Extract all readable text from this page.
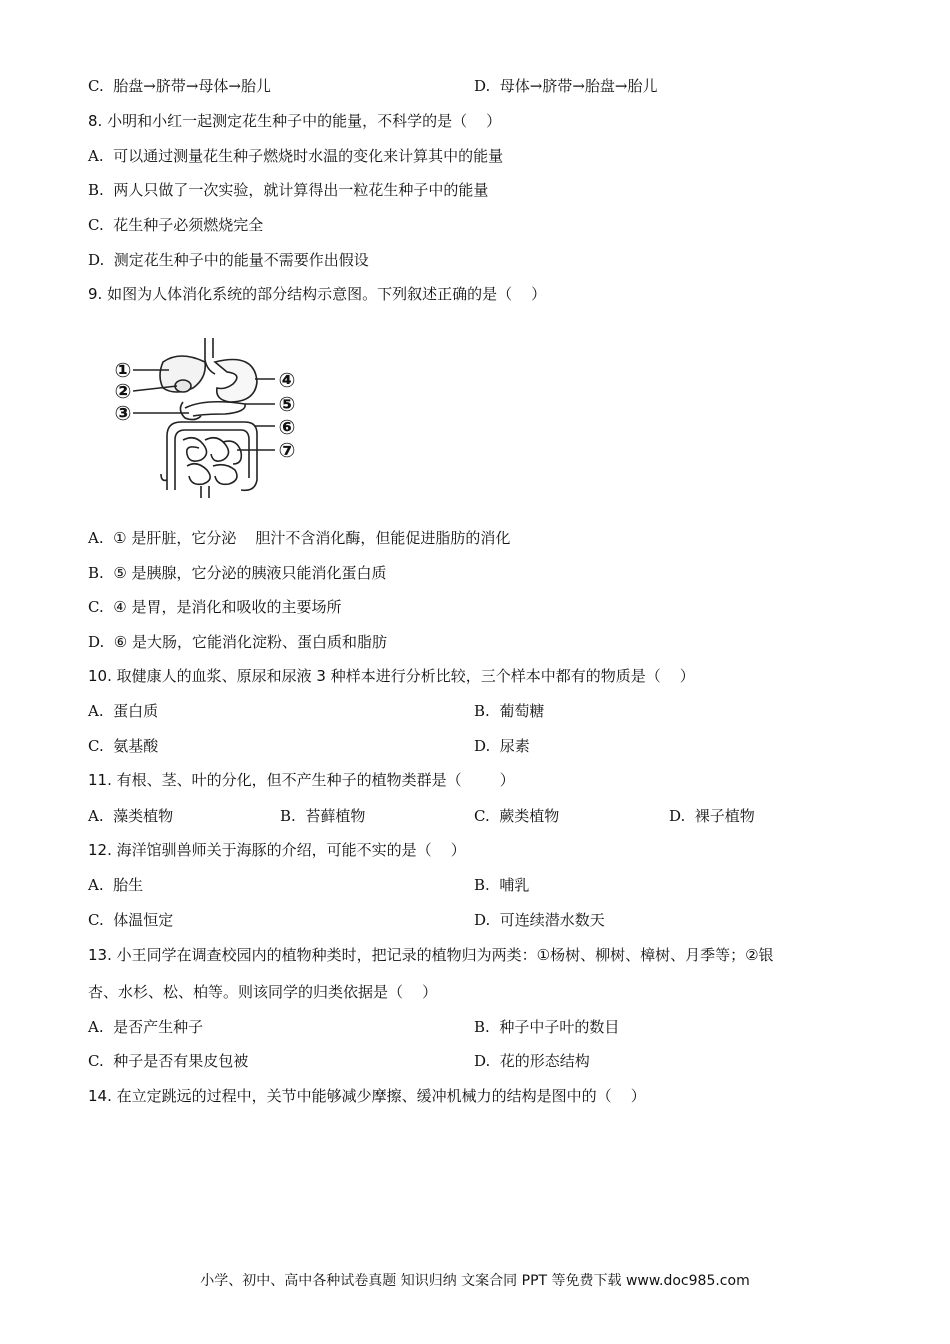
C.  胎盘→脐带→母体→胎儿	D.  母体→脐带→胎盘→胎儿
8. 小明和小红一起测定花生种子中的能量，不科学的是（    ）
A.  可以通过测量花生种子燃烧时水温的变化来计算其中的能量
B.  两人只做了一次实验，就计算得出一粒花生种子中的能量
C.  花生种子必须燃烧完全
D.  测定花生种子中的能量不需要作出假设
9. 如图为人体消化系统的部分结构示意图。下列叙述正确的是（    ）
①
②
③
④
⑤
⑥
⑦
A.  ① 是肝脏，它分泌    胆汁不含消化酶，但能促进脂肪的消化
B.  ⑤ 是胰腺，它分泌的胰液只能消化蛋白质
C.  ④ 是胃，是消化和吸收的主要场所
D.  ⑥ 是大肠，它能消化淀粉、蛋白质和脂肪
10. 取健康人的血浆、原尿和尿液 3 种样本进行分析比较，三个样本中都有的物质是（    ）
A.  蛋白质	B.  葡萄糖
C.  氨基酸	D.  尿素
11. 有根、茎、叶的分化，但不产生种子的植物类群是（        ）
A.  藻类植物	B.  苔藓植物	C.  蕨类植物	D.  裸子植物
12. 海洋馆驯兽师关于海豚的介绍，可能不实的是（    ）
A.  胎生	B.  哺乳
C.  体温恒定	D.  可连续潜水数天
13. 小王同学在调查校园内的植物种类时，把记录的植物归为两类：①杨树、柳树、樟树、月季等；②银
杏、水杉、松、柏等。则该同学的归类依据是（    ）
A.  是否产生种子	B.  种子中子叶的数目
C.  种子是否有果皮包被	D.  花的形态结构
14. 在立定跳远的过程中，关节中能够减少摩擦、缓冲机械力的结构是图中的（    ）
小学、初中、高中各种试卷真题 知识归纳 文案合同 PPT 等免费下载 www.doc985.com
